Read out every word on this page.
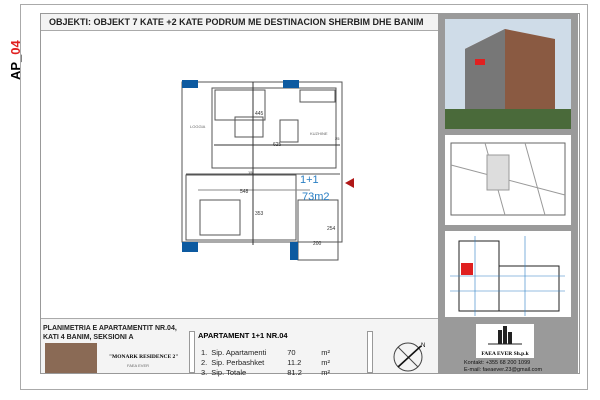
OBJEKTI: OBJEKT 7 KATE +2 KATE PODRUM ME DESTINACION SHERBIM DHE BANIM
AP_04
LOGGIA
KUZHINE
625
548
353
445
200
254
15
25
1+1
73m2
PLANIMETRIA E APARTAMENTIT NR.04,
KATI 4 BANIM, SEKSIONI A
"MONARK RESIDENCE 2"
FAEA EVER
APARTAMENT 1+1 NR.04
1.	Sip. Apartamenti	70	m²
2.	Sip. Perbashket	11.2	m²
3.	Sip. Totale	81.2	m²
N
FAEA EVER Sh.p.k
Kontakt: +355 68 200 1099
E-mail: faeaever.23@gmail.com
